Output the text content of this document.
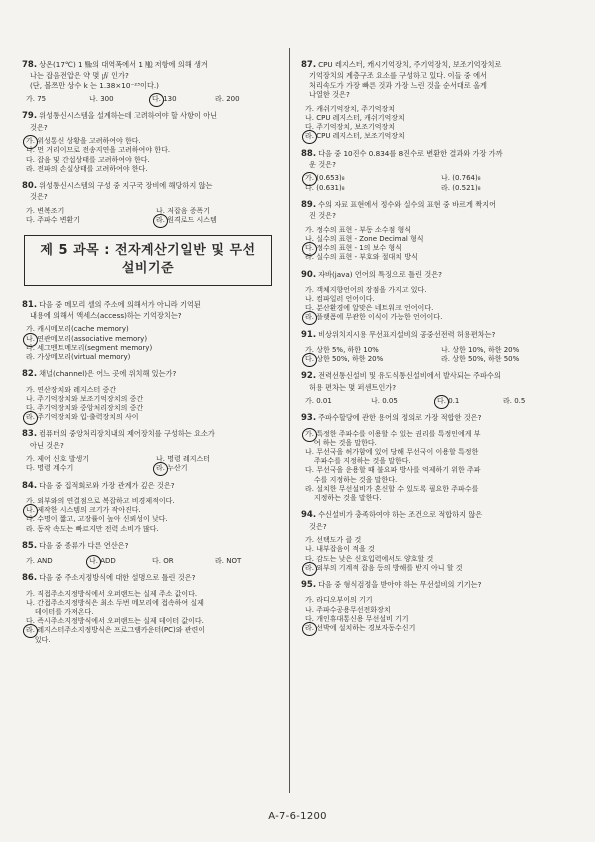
78. 상온(17℃) 1 ㎒의 대역폭에서 1 ㏁ 저항에 의해 생겨

나는 잡음전압은 약 몇 ㎶ 인가?
(단, 볼쯔만 상수 k 는 1.38×10⁻²³이다.)
가. 75	나. 300	다. 130	라. 200
79. 위성통신시스템을 설계하는데 고려하여야 할 사항이 아닌

것은?
가. 위성통신 상황을 고려하여야 한다.
나. 먼 거리이므로 전송지연을 고려하여야 한다.
다. 잡음 및 간섭상태를 고려하여야 한다.
라. 전파의 손실상태를 고려하여야 한다.
80. 위성통신시스템의 구성 중 지구국 장비에 해당하지 않는

것은?
가. 변복조기	나. 저잡음 증폭기
다. 주파수 변환기	라. 원격로드 시스템
제 5 과목 : 전자계산기일반 및 무선
설비기준
81. 다음 중 메모리 셀의 주소에 의해서가 아니라 기억된

내용에 의해서 액세스(access)하는 기억장치는?
가. 캐시메모리(cache memory)
나. 연관메모리(associative memory)
다. 세그멘트메모리(segment memory)
라. 가상메모리(virtual memory)
82. 채널(channel)은 어느 곳에 위치해 있는가?
가. 연산장치와 레지스터 중간
나. 주기억장치와 보조기억장치의 중간
다. 주기억장치와 중앙처리장치의 중간
라. 주기억장치와 입·출력장치의 사이
83. 컴퓨터의 중앙처리장치내의 제어장치를 구성하는 요소가

아닌 것은?
가. 제어 신호 발생기	나. 명령 레지스터
다. 명령 계수기	라. 누산기
84. 다음 중 집적회로와 가장 관계가 깊은 것은?
가. 외부와의 연결점으로 복잡하고 비경제적이다.
나. 제작한 시스템의 크기가 작아진다.
다. 수명이 짧고, 고장률이 높아 신뢰성이 낮다.
라. 동작 속도는 빠르지만 전력 소비가 많다.
85. 다음 중 종류가 다른 연산은?
가. AND	나. ADD	다. OR	라. NOT
86. 다음 중 주소지정방식에 대한 설명으로 틀린 것은?
가. 직접주소지정방식에서 오퍼랜드는 실제 주소 값이다.
나. 간접주소지정방식은 최소 두번 메모리에 접속하여 실제
데이터를 가져온다.
다. 즉시주소지정방식에서 오퍼랜드는 실제 데이터 값이다.
라. 레지스터주소지정방식은 프로그램카운터(PC)와 관련이
있다.
87. CPU 레지스터, 캐시기억장치, 주기억장치, 보조기억장치로

기억장치의 계층구조 요소를 구성하고 있다. 이들 중 에서
처리속도가 가장 빠른 것과 가장 느린 것을 순서대로 올게
나열한 것은?
가. 캐쉬기억장치, 주기억장치
나. CPU 레지스터, 캐쉬기억장치
다. 주기억장치, 보조기억장치
라. CPU 레지스터, 보조기억장치
88. 다음 중 10진수 0.834를 8진수로 변환한 결과와 가장 가까

운 것은?
가. (0.653)₈	나. (0.764)₈
다. (0.631)₈	라. (0.521)₈
89. 수의 자료 표현에서 정수와 실수의 표현 중 바르게 짝지어

진 것은?
가. 정수의 표현 - 부동 소수점 형식
나. 실수의 표현 - Zone Decimal 형식
다. 정수의 표현 - 1의 보수 형식
라. 실수의 표현 - 부호와 절대치 방식
90. 자바(java) 언어의 특징으로 틀린 것은?
가. 객체지향언어의 장점을 가지고 있다.
나. 컴파일러 언어이다.
다. 분산환경에 알맞은 네트워크 언어이다.
라. 플랫폼에 무관한 이식이 가능한 언어이다.
91. 비상위치지시용 무선표지설비의 공중선전력 허용편차는?
가. 상한 5%, 하한 10%	나. 상한 10%, 하한 20%
다. 상한 50%, 하한 20%	라. 상한 50%, 하한 50%
92. 전력선통신설비 및 유도식통신설비에서 발사되는 주파수의

허용 편차는 몇 퍼센트인가?
가. 0.01	나. 0.05	다. 0.1	라. 0.5
93. 주파수할당에 관한 용어의 정의로 가장 적합한 것은?
가. 특정한 주파수를 이용할 수 있는 권리를 특정인에게 부
여 하는 것을 말한다.
나. 무선국을 허가함에 있어 당해 무선국이 이용할 특정한
주파수를 지정하는 것을 말한다.
다. 무선국을 운용할 때 불요파 방사를 억제하기 위한 주파
수를 지정하는 것을 말한다.
라. 설치한 무선설비가 혼신할 수 있도록 필요한 주파수를
지정하는 것을 말한다.
94. 수신설비가 충족하여야 하는 조건으로 적합하지 않은

것은?
가. 선택도가 클 것
나. 내부잡음이 적을 것
다. 감도는 낮은 신호입력에서도 양호할 것
라. 외부의 기계적 잡음 등의 방해를 받지 아니 할 것
95. 다음 중 형식검정을 받아야 하는 무선설비의 기기는?
가. 라디오부이의 기기
나. 주파수공용무선전화장치
다. 개인휴대통신용 무선설비 기기
라. 선박에 설치하는 경보자동수신기
A-7-6-1200
